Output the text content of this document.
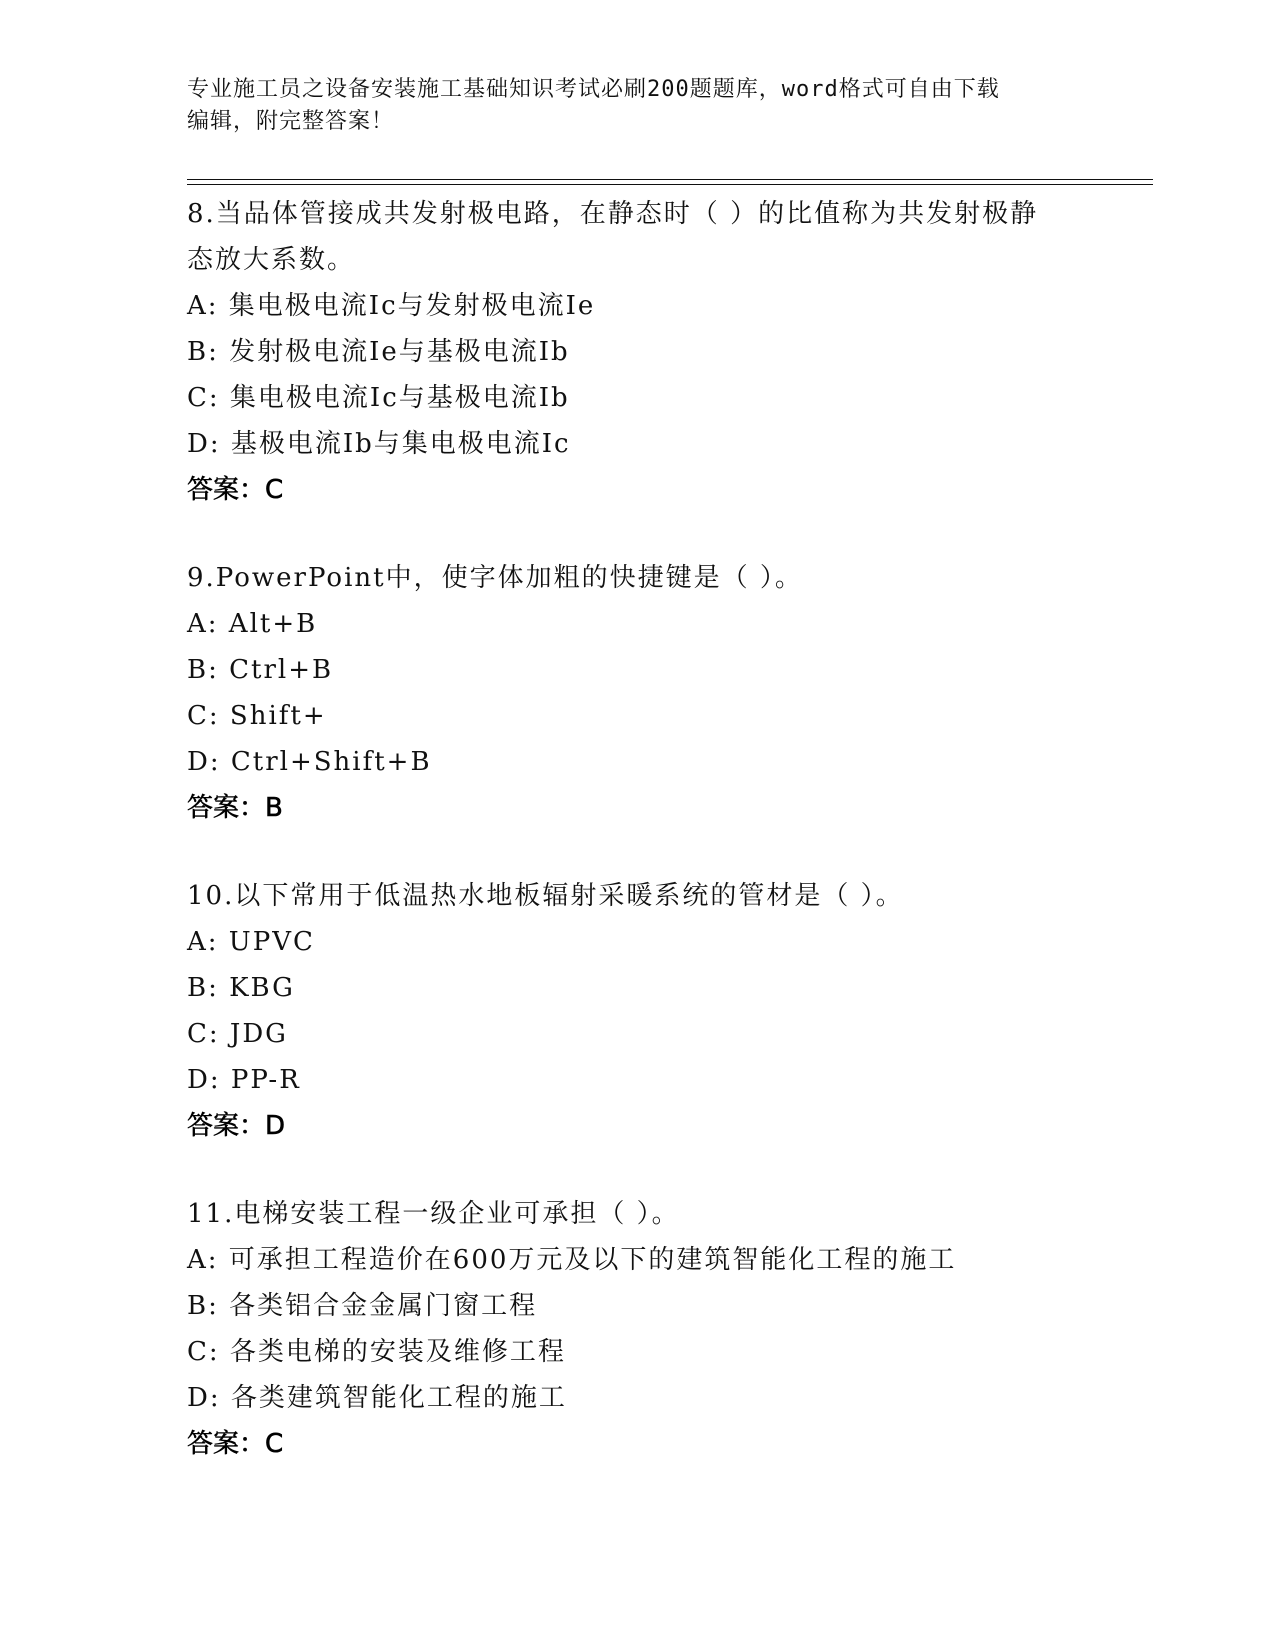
专业施工员之设备安装施工基础知识考试必刷200题题库，word格式可自由下载
编辑，附完整答案！
8.当品体管接成共发射极电路，在静态时（ ）的比值称为共发射极静
态放大系数。
A: 集电极电流Ic与发射极电流Ie
B: 发射极电流Ie与基极电流Ib
C: 集电极电流Ic与基极电流Ib
D: 基极电流Ib与集电极电流Ic
答案：C
9.PowerPoint中，使字体加粗的快捷键是（ ）。
A: Alt+B
B: Ctrl+B
C: Shift+
D: Ctrl+Shift+B
答案：B
10.以下常用于低温热水地板辐射采暖系统的管材是（ ）。
A: UPVC
B: KBG
C: JDG
D: PP-R
答案：D
11.电梯安装工程一级企业可承担（ ）。
A: 可承担工程造价在600万元及以下的建筑智能化工程的施工
B: 各类铝合金金属门窗工程
C: 各类电梯的安装及维修工程
D: 各类建筑智能化工程的施工
答案：C
